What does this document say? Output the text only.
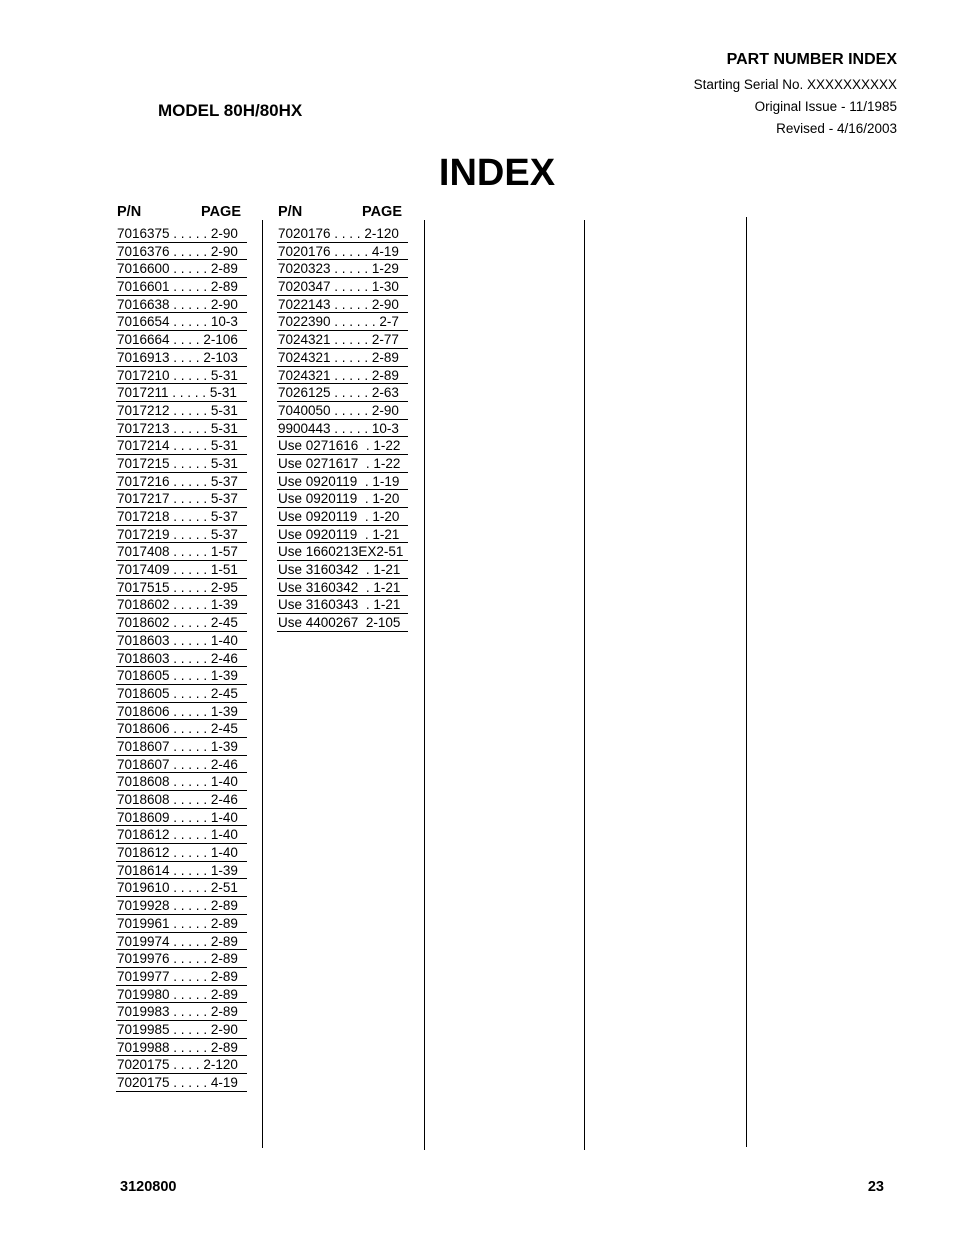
PART NUMBER INDEX
Starting Serial No. XXXXXXXXXX
Original Issue - 11/1985
Revised - 4/16/2003
MODEL 80H/80HX
INDEX
P/N	PAGE
7016375 . . . . . 2-90
7016376 . . . . . 2-90
7016600 . . . . . 2-89
7016601 . . . . . 2-89
7016638 . . . . . 2-90
7016654 . . . . . 10-3
7016664 . . . . 2-106
7016913 . . . . 2-103
7017210 . . . . . 5-31
7017211 . . . . . 5-31
7017212 . . . . . 5-31
7017213 . . . . . 5-31
7017214 . . . . . 5-31
7017215 . . . . . 5-31
7017216 . . . . . 5-37
7017217 . . . . . 5-37
7017218 . . . . . 5-37
7017219 . . . . . 5-37
7017408 . . . . . 1-57
7017409 . . . . . 1-51
7017515 . . . . . 2-95
7018602 . . . . . 1-39
7018602 . . . . . 2-45
7018603 . . . . . 1-40
7018603 . . . . . 2-46
7018605 . . . . . 1-39
7018605 . . . . . 2-45
7018606 . . . . . 1-39
7018606 . . . . . 2-45
7018607 . . . . . 1-39
7018607 . . . . . 2-46
7018608 . . . . . 1-40
7018608 . . . . . 2-46
7018609 . . . . . 1-40
7018612 . . . . . 1-40
7018612 . . . . . 1-40
7018614 . . . . . 1-39
7019610 . . . . . 2-51
7019928 . . . . . 2-89
7019961 . . . . . 2-89
7019974 . . . . . 2-89
7019976 . . . . . 2-89
7019977 . . . . . 2-89
7019980 . . . . . 2-89
7019983 . . . . . 2-89
7019985 . . . . . 2-90
7019988 . . . . . 2-89
7020175 . . . . 2-120
7020175 . . . . . 4-19
P/N	PAGE
7020176 . . . . 2-120
7020176 . . . . . 4-19
7020323 . . . . . 1-29
7020347 . . . . . 1-30
7022143 . . . . . 2-90
7022390 . . . . . . 2-7
7024321 . . . . . 2-77
7024321 . . . . . 2-89
7024321 . . . . . 2-89
7026125 . . . . . 2-63
7040050 . . . . . 2-90
9900443 . . . . . 10-3
Use 0271616  . 1-22
Use 0271617  . 1-22
Use 0920119  . 1-19
Use 0920119  . 1-20
Use 0920119  . 1-20
Use 0920119  . 1-21
Use 1660213EX2-51
Use 3160342  . 1-21
Use 3160342  . 1-21
Use 3160343  . 1-21
Use 4400267  2-105
3120800	23
